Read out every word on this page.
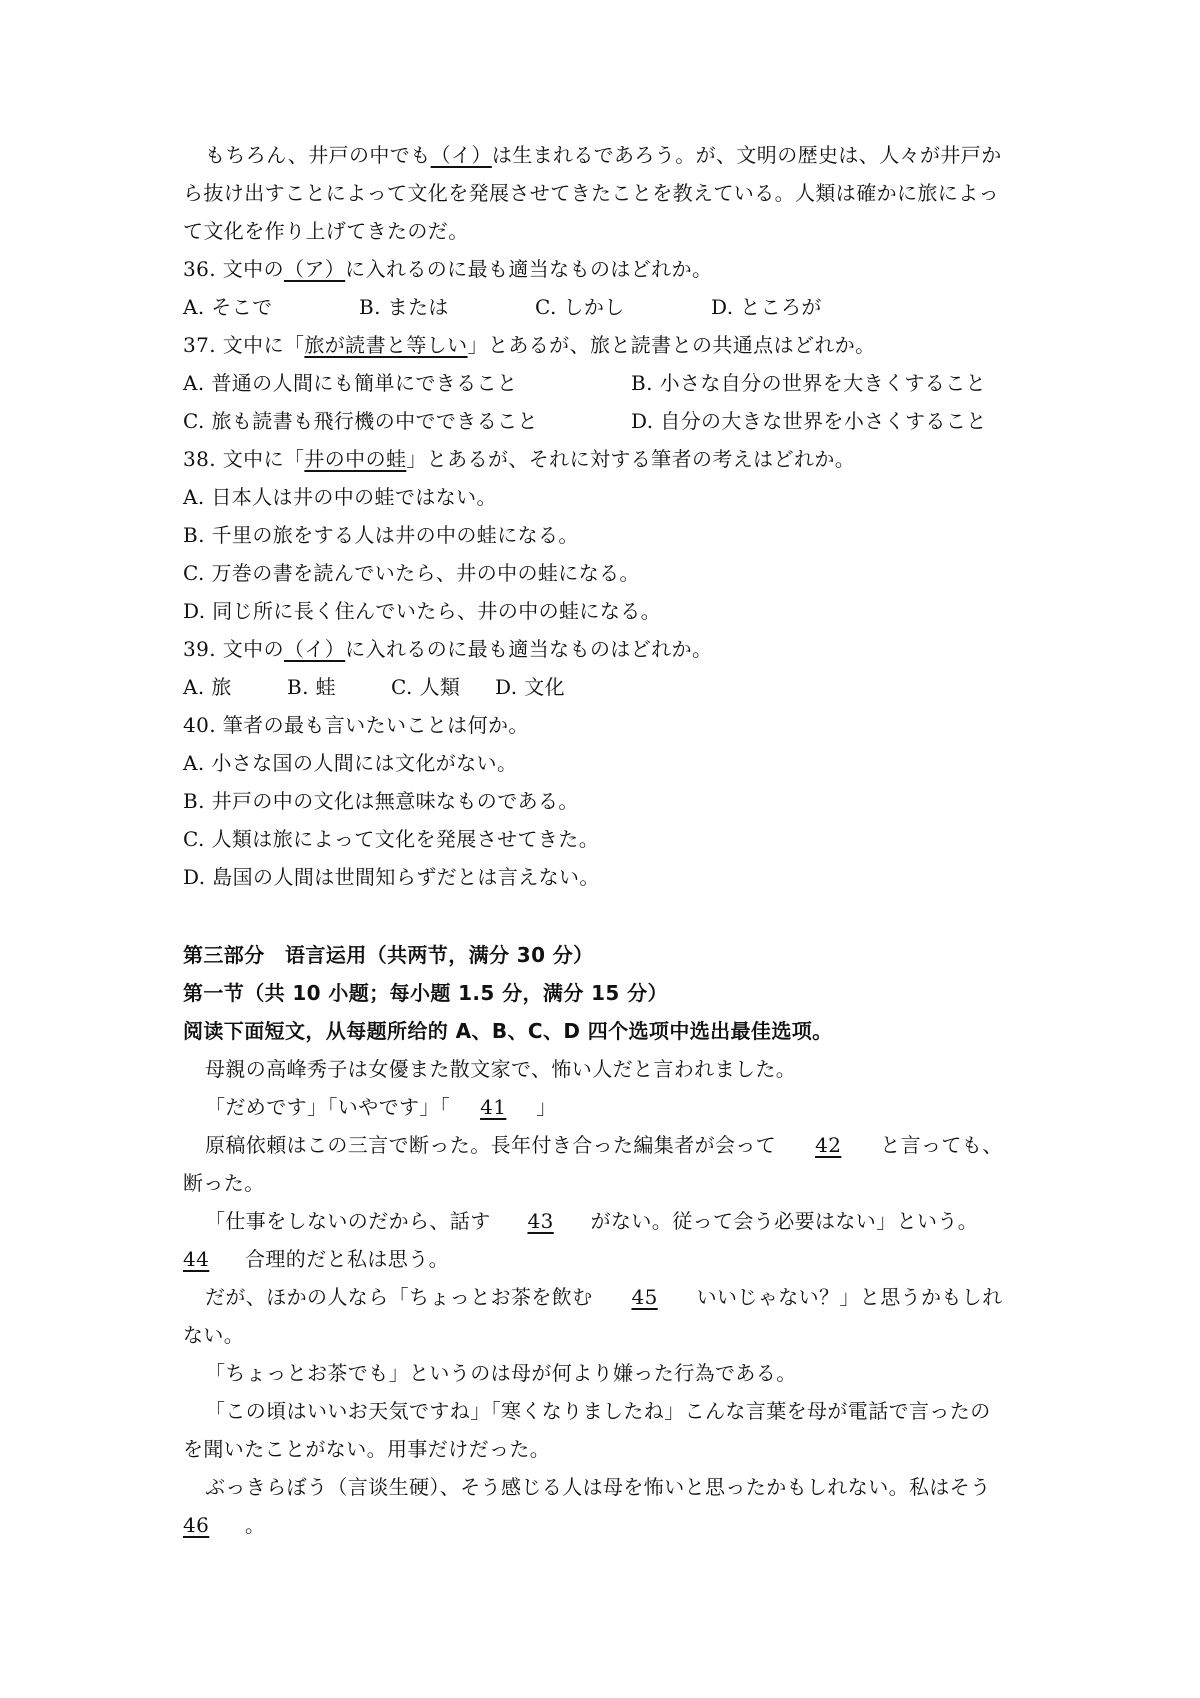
もちろん、井戸の中でも（イ）は生まれるであろう。が、文明の歴史は、人々が井戸か
ら抜け出すことによって文化を発展させてきたことを教えている。人類は確かに旅によっ
て文化を作り上げてきたのだ。
36. 文中の（ア）に入れるのに最も適当なものはどれか。
A. そこで	B. または	C. しかし	D. ところが
37. 文中に「旅が読書と等しい」とあるが、旅と読書との共通点はどれか。
A. 普通の人間にも簡単にできること	B. 小さな自分の世界を大きくすること
C. 旅も読書も飛行機の中でできること	D. 自分の大きな世界を小さくすること
38. 文中に「井の中の蛙」とあるが、それに対する筆者の考えはどれか。
A. 日本人は井の中の蛙ではない。
B. 千里の旅をする人は井の中の蛙になる。
C. 万巻の書を読んでいたら、井の中の蛙になる。
D. 同じ所に長く住んでいたら、井の中の蛙になる。
39. 文中の（イ）に入れるのに最も適当なものはどれか。
A. 旅	B. 蛙	C. 人類 D. 文化
40. 筆者の最も言いたいことは何か。
A. 小さな国の人間には文化がない。
B. 井戸の中の文化は無意味なものである。
C. 人類は旅によって文化を発展させてきた。
D. 島国の人間は世間知らずだとは言えない。
第三部分　语言运用（共两节，满分 30 分）
第一节（共 10 小题；每小题 1.5 分，满分 15 分）
阅读下面短文，从每题所给的 A、B、C、D 四个选项中选出最佳选项。
母親の高峰秀子は女優また散文家で、怖い人だと言われました。
「だめです」「いやです」「 41 」
原稿依頼はこの三言で断った。長年付き合った編集者が会って 42 と言っても、
断った。
「仕事をしないのだから、話す 43 がない。従って会う必要はない」という。
44 合理的だと私は思う。
だが、ほかの人なら「ちょっとお茶を飲む 45 いいじゃない？」と思うかもしれ
ない。
「ちょっとお茶でも」というのは母が何より嫌った行為である。
「この頃はいいお天気ですね」「寒くなりましたね」こんな言葉を母が電話で言ったの
を聞いたことがない。用事だけだった。
ぶっきらぼう（言谈生硬）、そう感じる人は母を怖いと思ったかもしれない。私はそう
46 。
